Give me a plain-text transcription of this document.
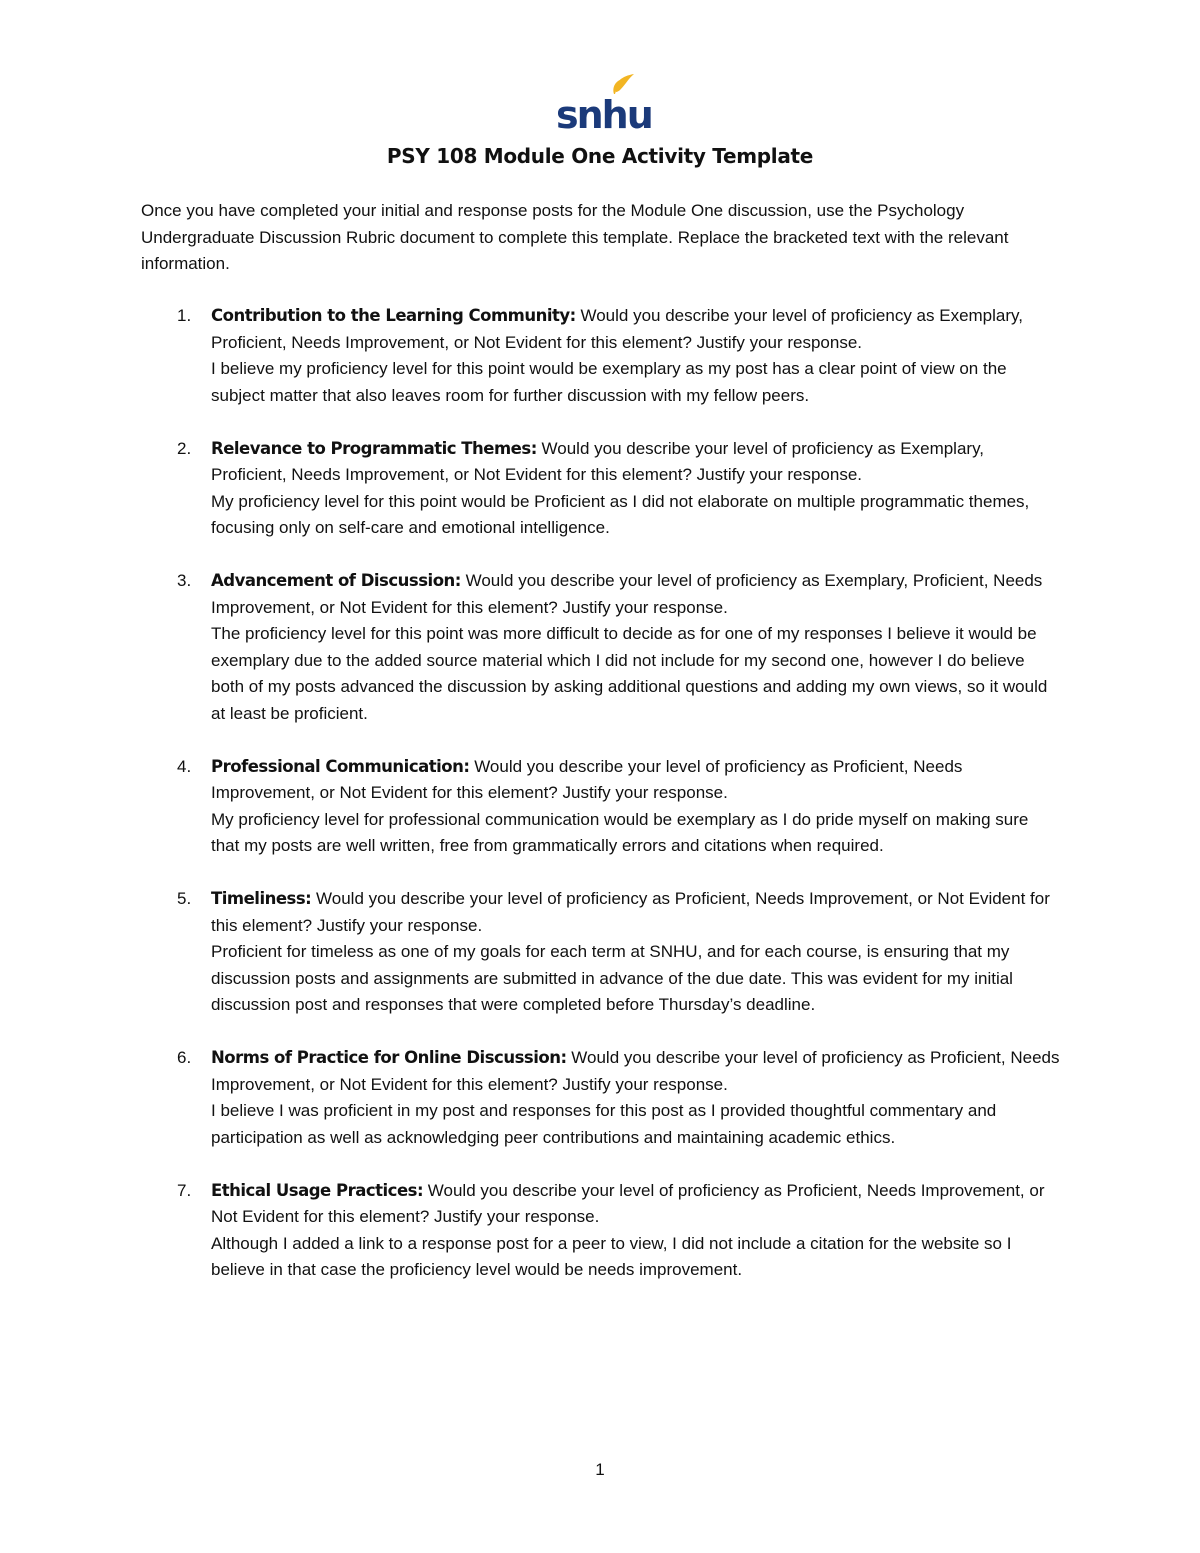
snhu
PSY 108 Module One Activity Template

Once you have completed your initial and response posts for the Module One discussion, use the Psychology Undergraduate Discussion Rubric document to complete this template. Replace the bracketed text with the relevant information.

1. Contribution to the Learning Community: Would you describe your level of proficiency as Exemplary, Proficient, Needs Improvement, or Not Evident for this element? Justify your response.
I believe my proficiency level for this point would be exemplary as my post has a clear point of view on the subject matter that also leaves room for further discussion with my fellow peers.
2. Relevance to Programmatic Themes: Would you describe your level of proficiency as Exemplary, Proficient, Needs Improvement, or Not Evident for this element? Justify your response.
My proficiency level for this point would be Proficient as I did not elaborate on multiple programmatic themes, focusing only on self-care and emotional intelligence.
3. Advancement of Discussion: Would you describe your level of proficiency as Exemplary, Proficient, Needs Improvement, or Not Evident for this element? Justify your response.
The proficiency level for this point was more difficult to decide as for one of my responses I believe it would be exemplary due to the added source material which I did not include for my second one, however I do believe both of my posts advanced the discussion by asking additional questions and adding my own views, so it would at least be proficient.
4. Professional Communication: Would you describe your level of proficiency as Proficient, Needs Improvement, or Not Evident for this element? Justify your response.
My proficiency level for professional communication would be exemplary as I do pride myself on making sure that my posts are well written, free from grammatically errors and citations when required.
5. Timeliness: Would you describe your level of proficiency as Proficient, Needs Improvement, or Not Evident for this element? Justify your response.
Proficient for timeless as one of my goals for each term at SNHU, and for each course, is ensuring that my discussion posts and assignments are submitted in advance of the due date. This was evident for my initial discussion post and responses that were completed before Thursday’s deadline.
6. Norms of Practice for Online Discussion: Would you describe your level of proficiency as Proficient, Needs Improvement, or Not Evident for this element? Justify your response.
I believe I was proficient in my post and responses for this post as I provided thoughtful commentary and participation as well as acknowledging peer contributions and maintaining academic ethics.
7. Ethical Usage Practices: Would you describe your level of proficiency as Proficient, Needs Improvement, or Not Evident for this element? Justify your response.
Although I added a link to a response post for a peer to view, I did not include a citation for the website so I believe in that case the proficiency level would be needs improvement.
1
